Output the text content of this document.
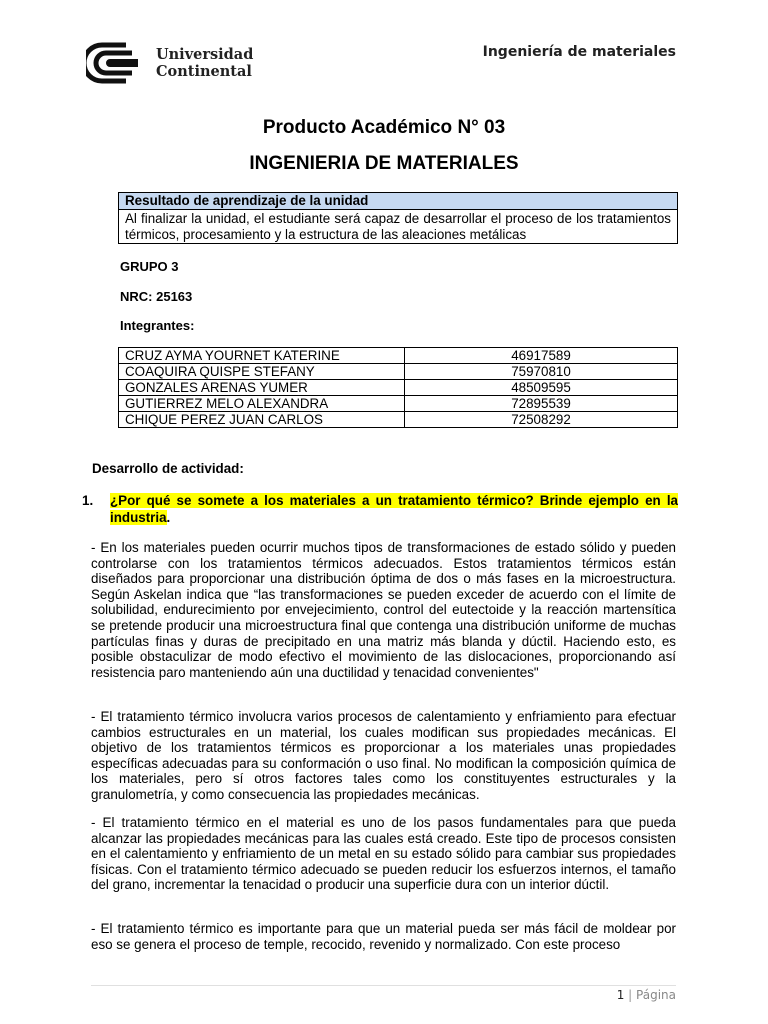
Universidad
Continental
Ingeniería de materiales
Producto Académico N° 03
INGENIERIA DE MATERIALES
Resultado de aprendizaje de la unidad
Al finalizar la unidad, el estudiante será capaz de desarrollar el proceso de los tratamientos térmicos, procesamiento y la estructura de las aleaciones metálicas
GRUPO 3
NRC: 25163
Integrantes:
CRUZ AYMA YOURNET KATERINE	46917589
COAQUIRA QUISPE STEFANY	75970810
GONZALES ARENAS YUMER	48509595
GUTIERREZ MELO ALEXANDRA	72895539
CHIQUE PEREZ JUAN CARLOS	72508292
Desarrollo de actividad:
1. ¿Por qué se somete a los materiales a un tratamiento térmico? Brinde ejemplo en la industria.
- En los materiales pueden ocurrir muchos tipos de transformaciones de estado sólido y pueden controlarse con los tratamientos térmicos adecuados. Estos tratamientos térmicos están diseñados para proporcionar una distribución óptima de dos o más fases en la microestructura. Según Askelan indica que “las transformaciones se pueden exceder de acuerdo con el límite de solubilidad, endurecimiento por envejecimiento, control del eutectoide y la reacción martensítica se pretende producir una microestructura final que contenga una distribución uniforme de muchas partículas finas y duras de precipitado en una matriz más blanda y dúctil. Haciendo esto, es posible obstaculizar de modo efectivo el movimiento de las dislocaciones, proporcionando así resistencia paro manteniendo aún una ductilidad y tenacidad convenientes"
- El tratamiento térmico involucra varios procesos de calentamiento y enfriamiento para efectuar cambios estructurales en un material, los cuales modifican sus propiedades mecánicas. El objetivo de los tratamientos térmicos es proporcionar a los materiales unas propiedades específicas adecuadas para su conformación o uso final. No modifican la composición química de los materiales, pero sí otros factores tales como los constituyentes estructurales y la granulometría, y como consecuencia las propiedades mecánicas.
- El tratamiento térmico en el material es uno de los pasos fundamentales para que pueda alcanzar las propiedades mecánicas para las cuales está creado. Este tipo de procesos consisten en el calentamiento y enfriamiento de un metal en su estado sólido para cambiar sus propiedades físicas. Con el tratamiento térmico adecuado se pueden reducir los esfuerzos internos, el tamaño del grano, incrementar la tenacidad o producir una superficie dura con un interior dúctil.
- El tratamiento térmico es importante para que un material pueda ser más fácil de moldear por eso se genera el proceso de temple, recocido, revenido y normalizado. Con este proceso
1 | Página
